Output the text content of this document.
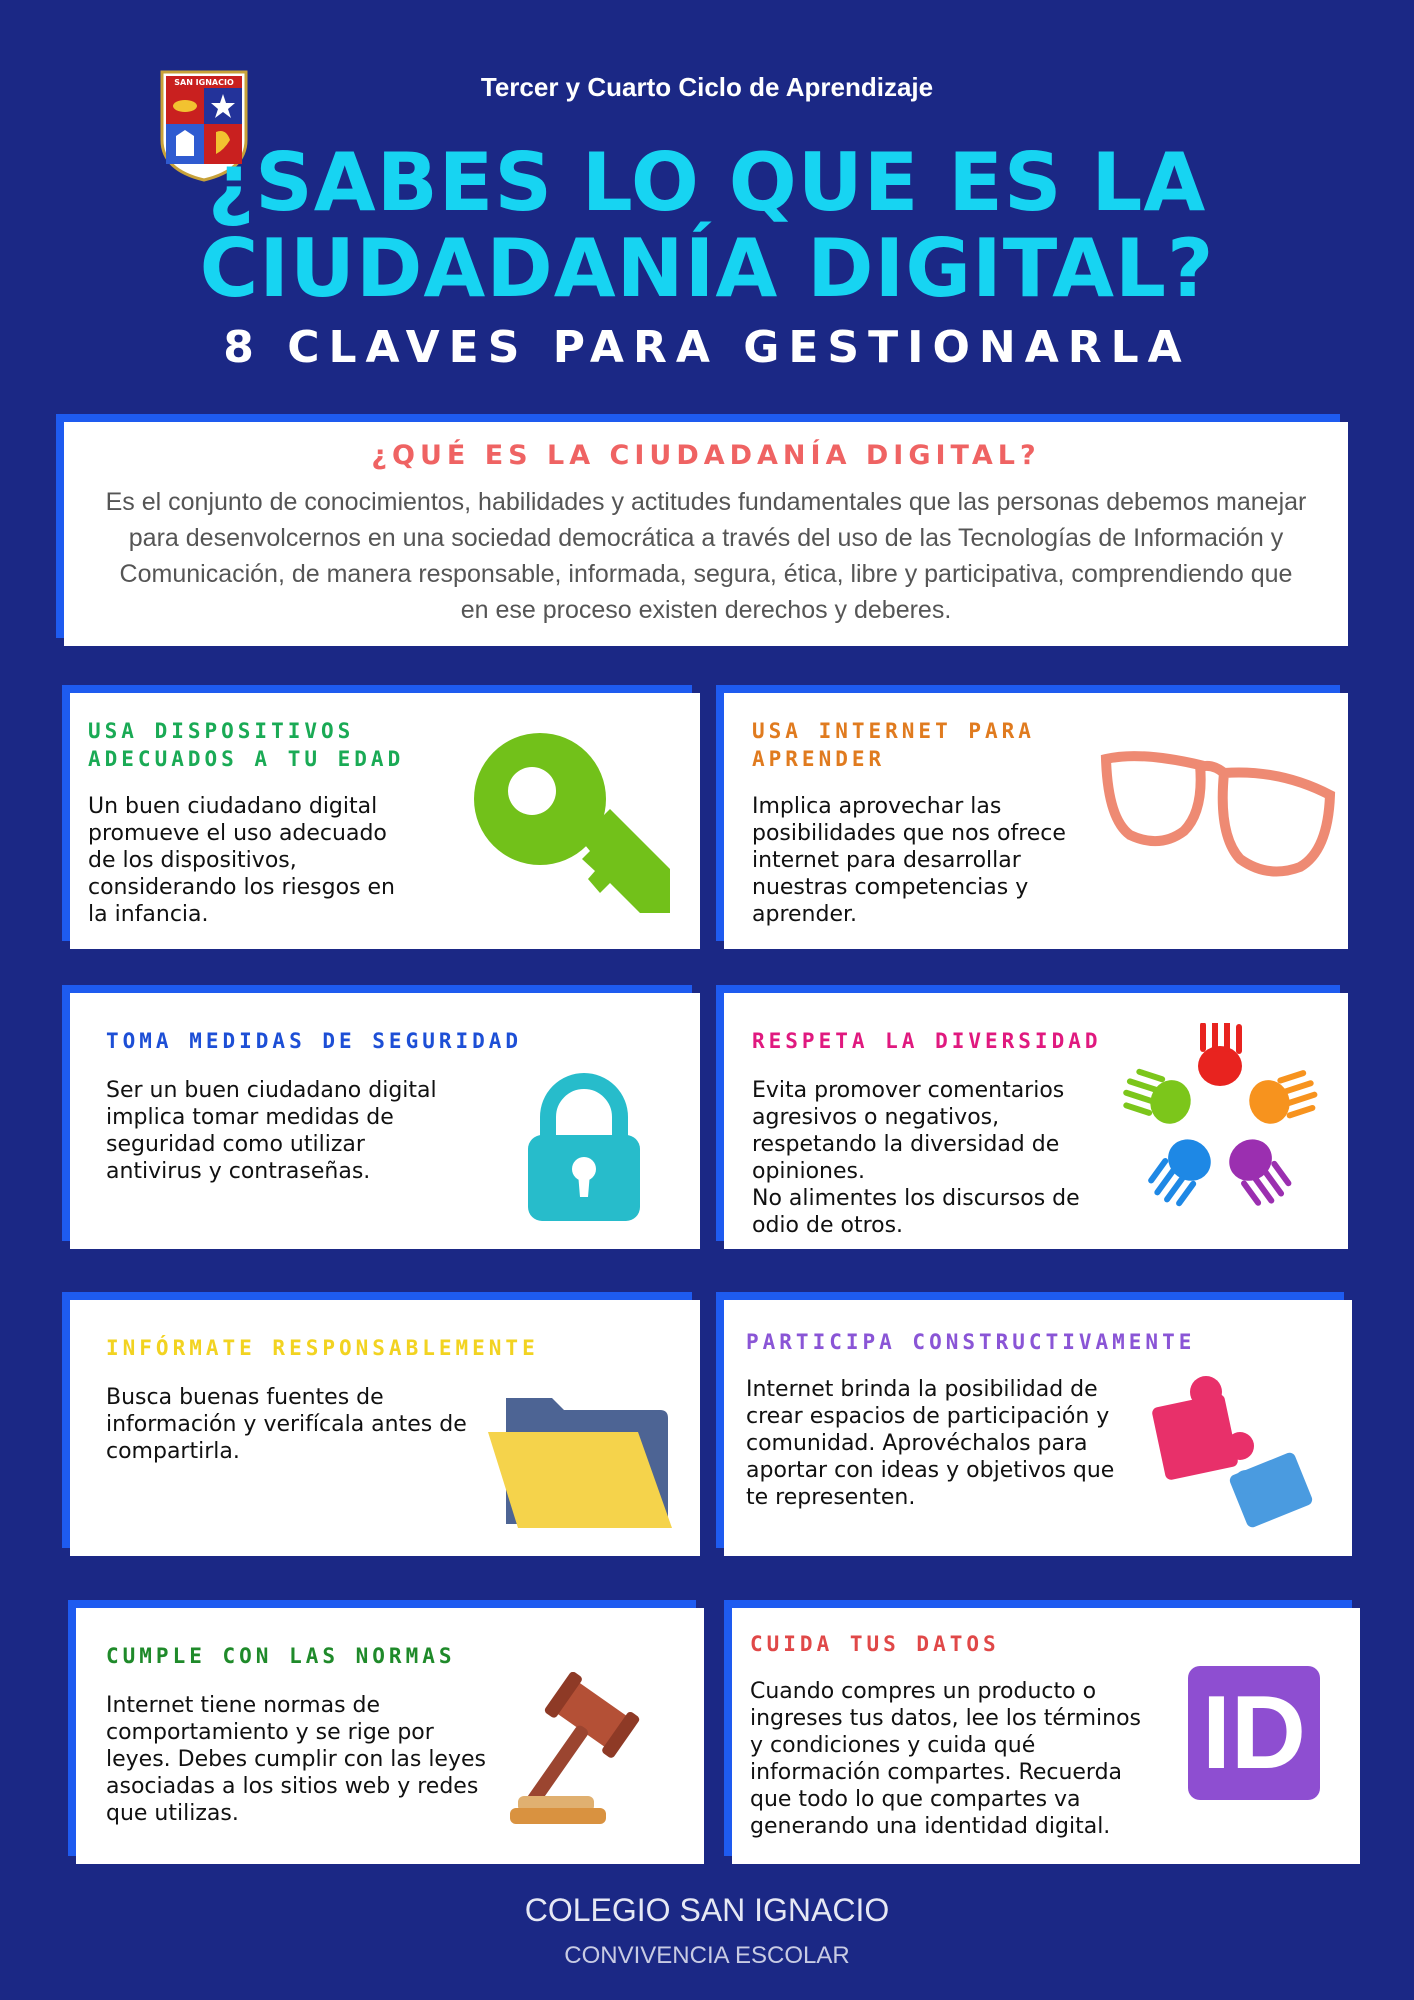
SAN IGNACIO	Tercer y Cuarto Ciclo de Aprendizaje
¿SABES LO QUE ES LA
CIUDADANÍA DIGITAL?
8 CLAVES PARA GESTIONARLA
¿QUÉ ES LA CIUDADANÍA DIGITAL?
Es el conjunto de conocimientos, habilidades y actitudes fundamentales que las personas debemos manejar para desenvolcernos en una sociedad democrática a través del uso de las Tecnologías de Información y Comunicación, de manera responsable, informada, segura, ética, libre y participativa, comprendiendo que en ese proceso existen derechos y deberes.
USA DISPOSITIVOS
ADECUADOS A TU EDAD
Un buen ciudadano digital
promueve el uso adecuado
de los dispositivos,
considerando los riesgos en
la infancia.
USA INTERNET PARA
APRENDER
Implica aprovechar las
posibilidades que nos ofrece
internet para desarrollar
nuestras competencias y
aprender.
TOMA MEDIDAS DE SEGURIDAD
Ser un buen ciudadano digital
implica tomar medidas de
seguridad como utilizar
antivirus y contraseñas.
RESPETA LA DIVERSIDAD
Evita promover comentarios
agresivos o negativos,
respetando la diversidad de
opiniones.
No alimentes los discursos de
odio de otros.
INFÓRMATE RESPONSABLEMENTE
Busca buenas fuentes de
información y verifícala antes de
compartirla.
PARTICIPA CONSTRUCTIVAMENTE
Internet brinda la posibilidad de
crear espacios de participación y
comunidad. Aprovéchalos para
aportar con ideas y objetivos que
te representen.
CUMPLE CON LAS NORMAS
Internet tiene normas de
comportamiento y se rige por
leyes. Debes cumplir con las leyes
asociadas a los sitios web y redes
que utilizas.
CUIDA TUS DATOS
Cuando compres un producto o
ingreses tus datos, lee los términos
y condiciones y cuida qué
información compartes. Recuerda
que todo lo que compartes va
generando una identidad digital.
ID
COLEGIO SAN IGNACIO
CONVIVENCIA ESCOLAR
